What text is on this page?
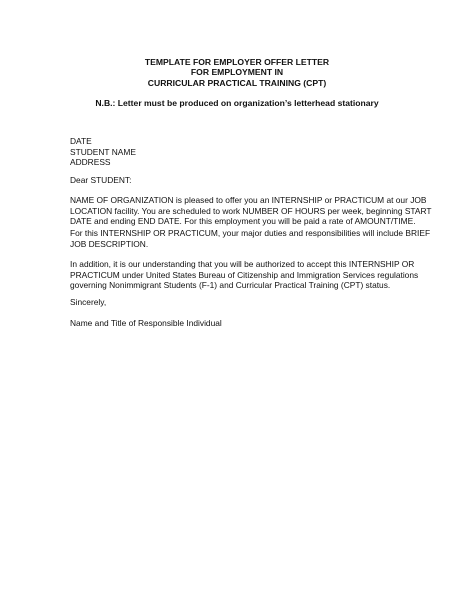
TEMPLATE FOR EMPLOYER OFFER LETTER
FOR EMPLOYMENT IN
CURRICULAR PRACTICAL TRAINING (CPT)
N.B.: Letter must be produced on organization’s letterhead stationary
DATE
STUDENT NAME
ADDRESS
Dear STUDENT:
NAME OF ORGANIZATION is pleased to offer you an INTERNSHIP or PRACTICUM at our JOB
LOCATION facility. You are scheduled to work NUMBER OF HOURS per week, beginning START
DATE and ending END DATE. For this employment you will be paid a rate of AMOUNT/TIME.
For this INTERNSHIP OR PRACTICUM, your major duties and responsibilities will include BRIEF
JOB DESCRIPTION.
In addition, it is our understanding that you will be authorized to accept this INTERNSHIP OR
PRACTICUM under United States Bureau of Citizenship and Immigration Services regulations
governing Nonimmigrant Students (F-1) and Curricular Practical Training (CPT) status.
Sincerely,
Name and Title of Responsible Individual
